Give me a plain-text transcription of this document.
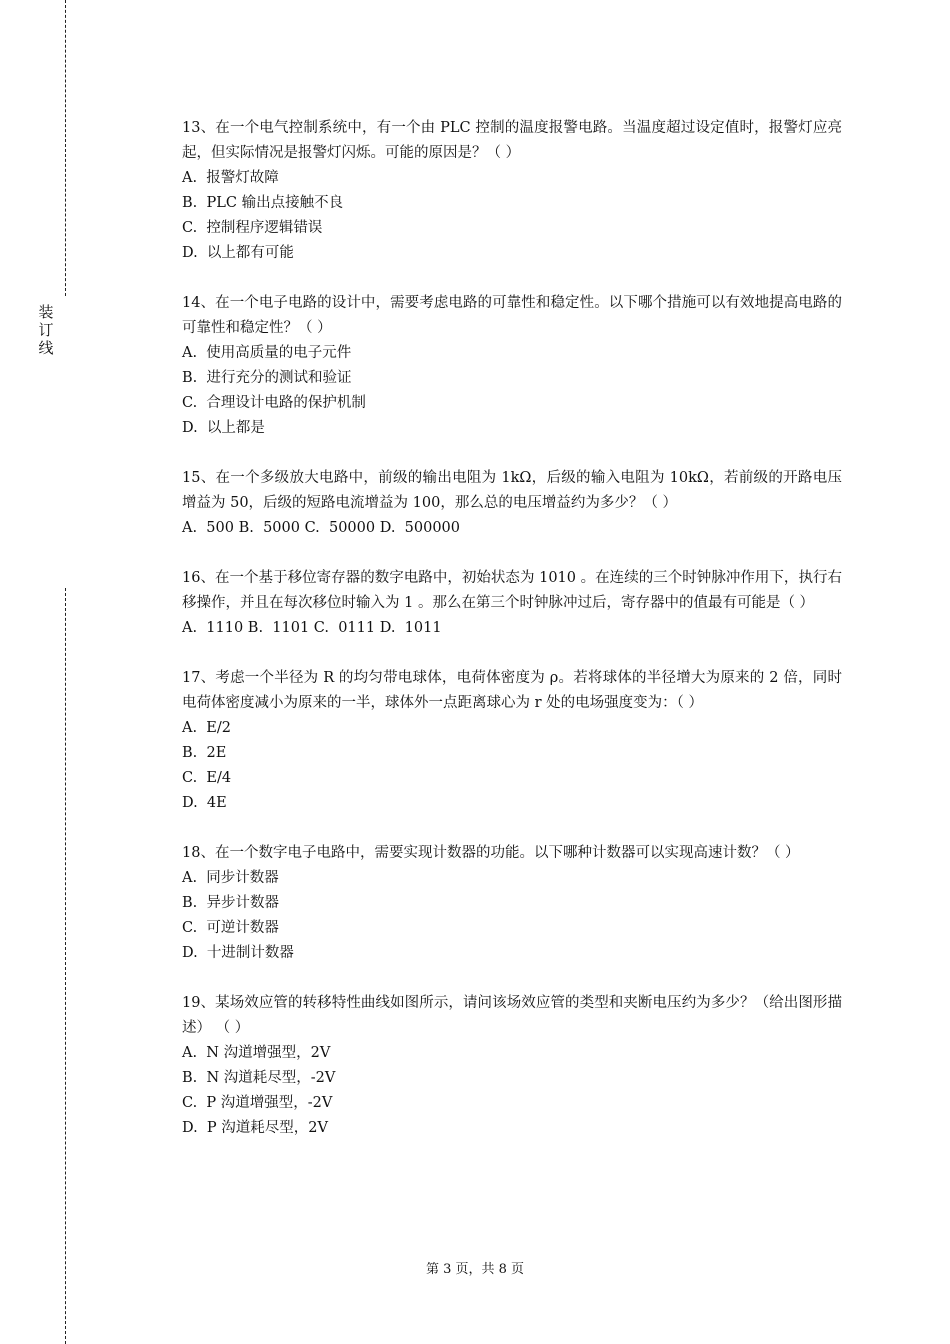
装
订
线

13、在一个电气控制系统中，有一个由 PLC 控制的温度报警电路。当温度超过设定值时，报警灯应亮起，但实际情况是报警灯闪烁。可能的原因是？（ ）

A.  报警灯故障

B.  PLC 输出点接触不良

C.  控制程序逻辑错误

D.  以上都有可能

14、在一个电子电路的设计中，需要考虑电路的可靠性和稳定性。以下哪个措施可以有效地提高电路的可靠性和稳定性？（ ）

A.  使用高质量的电子元件

B.  进行充分的测试和验证

C.  合理设计电路的保护机制

D.  以上都是

15、在一个多级放大电路中，前级的输出电阻为 1kΩ，后级的输入电阻为 10kΩ，若前级的开路电压增益为 50，后级的短路电流增益为 100，那么总的电压增益约为多少？（ ）

A.  500 B.  5000 C.  50000 D.  500000

16、在一个基于移位寄存器的数字电路中，初始状态为 1010 。在连续的三个时钟脉冲作用下，执行右移操作，并且在每次移位时输入为 1 。那么在第三个时钟脉冲过后，寄存器中的值最有可能是（ ）

A.  1110 B.  1101 C.  0111 D.  1011

17、考虑一个半径为 R 的均匀带电球体，电荷体密度为 ρ。若将球体的半径增大为原来的 2 倍，同时电荷体密度减小为原来的一半，球体外一点距离球心为 r 处的电场强度变为：（ ）

A.  E/2

B.  2E

C.  E/4

D.  4E

18、在一个数字电子电路中，需要实现计数器的功能。以下哪种计数器可以实现高速计数？（ ）

A.  同步计数器

B.  异步计数器

C.  可逆计数器

D.  十进制计数器

19、某场效应管的转移特性曲线如图所示，请问该场效应管的类型和夹断电压约为多少？（给出图形描述） （ ）

A.  N 沟道增强型，2V

B.  N 沟道耗尽型，-2V

C.  P 沟道增强型，-2V

D.  P 沟道耗尽型，2V

第 3 页，共 8 页
